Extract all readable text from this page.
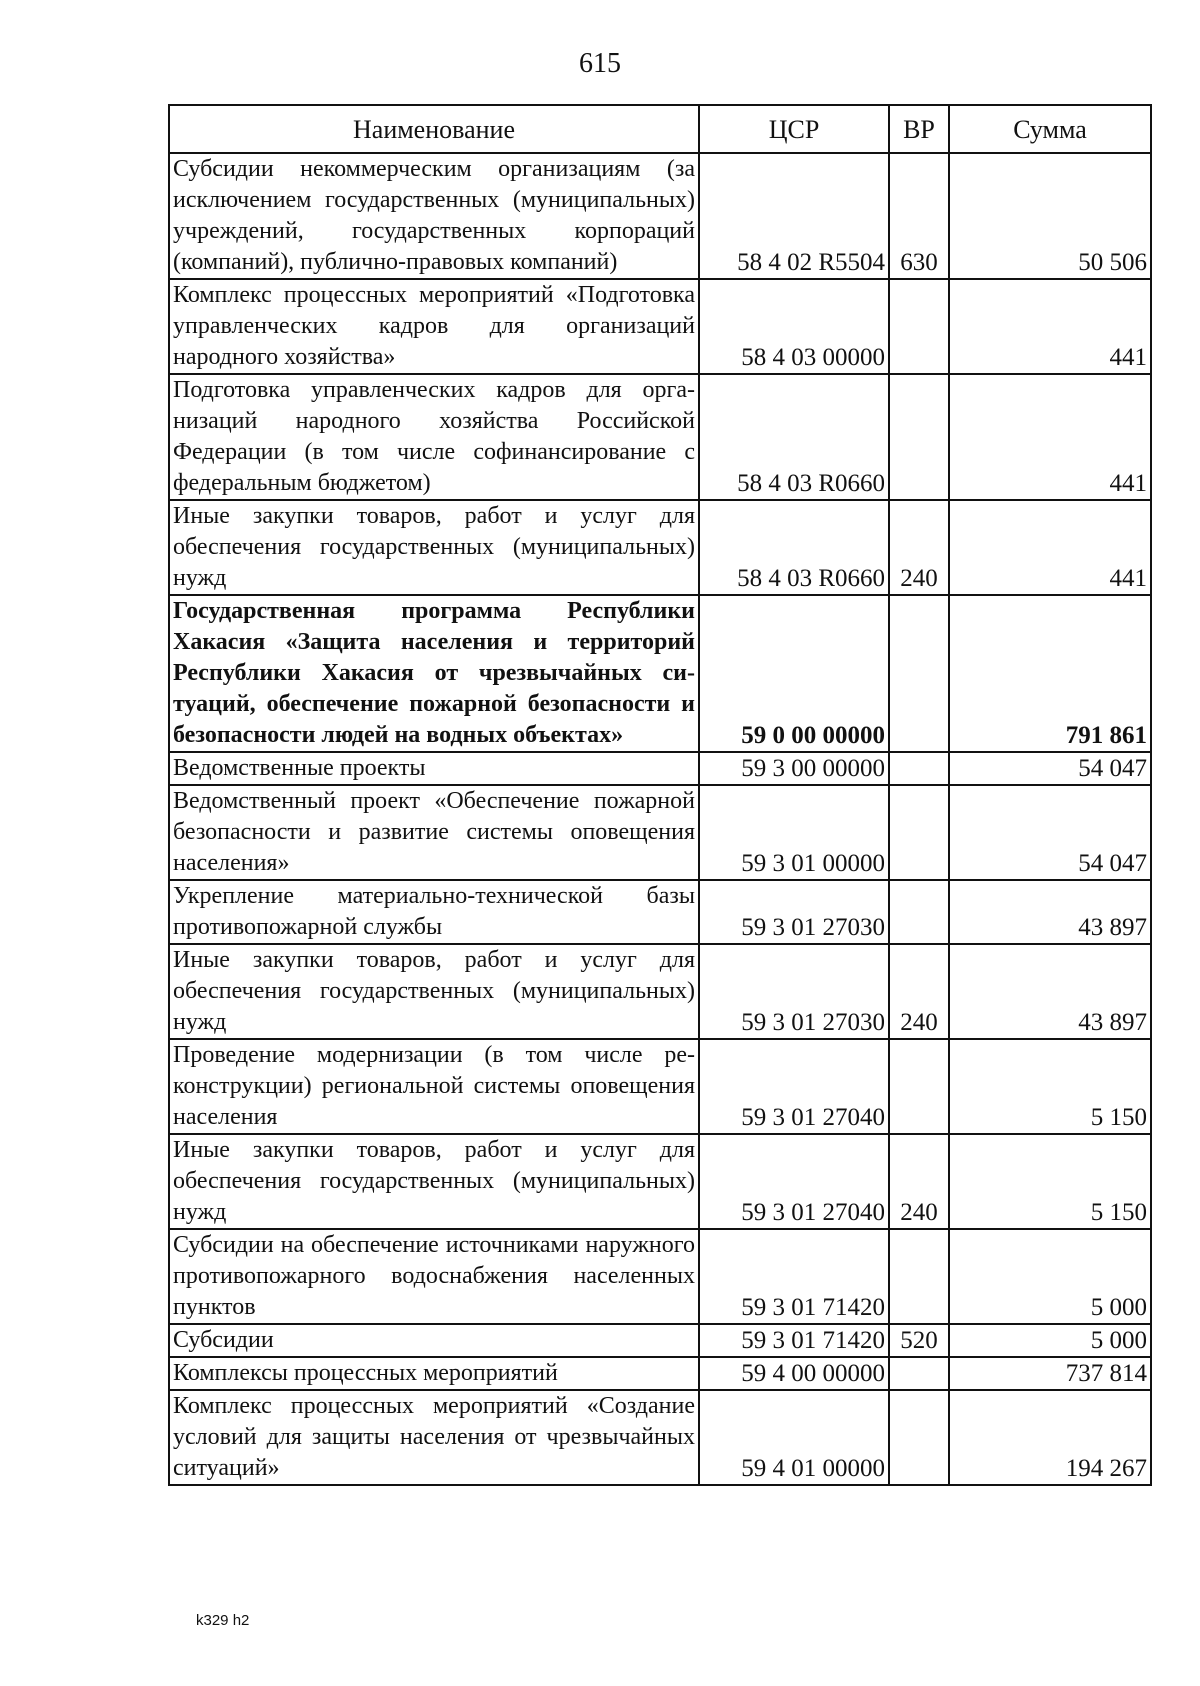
615
Наименование	ЦСР	ВР	Сумма
Субсидии некоммерческим организациям (за исключением государственных (муниципальных) учреждений, государственных корпораций (компаний), публично-правовых компаний)	58 4 02 R5504	630	50 506
Комплекс процессных мероприятий «Подготовка управленческих кадров для организаций народного хозяйства»	58 4 03 00000		441
Подготовка управленческих кадров для организаций народного хозяйства Российской Федерации (в том числе софинансирование с федеральным бюджетом)	58 4 03 R0660		441
Иные закупки товаров, работ и услуг для обеспечения государственных (муниципальных) нужд	58 4 03 R0660	240	441
Государственная программа Республики Хакасия «Защита населения и территорий Республики Хакасия от чрезвычайных ситуаций, обеспечение пожарной безопасности и безопасности людей на водных объектах»	59 0 00 00000		791 861
Ведомственные проекты	59 3 00 00000		54 047
Ведомственный проект «Обеспечение пожарной безопасности и развитие системы оповещения населения»	59 3 01 00000		54 047
Укрепление материально-технической базы противопожарной службы	59 3 01 27030		43 897
Иные закупки товаров, работ и услуг для обеспечения государственных (муниципальных) нужд	59 3 01 27030	240	43 897
Проведение модернизации (в том числе реконструкции) региональной системы оповещения населения	59 3 01 27040		5 150
Иные закупки товаров, работ и услуг для обеспечения государственных (муниципальных) нужд	59 3 01 27040	240	5 150
Субсидии на обеспечение источниками наружного противопожарного водоснабжения населенных пунктов	59 3 01 71420		5 000
Субсидии	59 3 01 71420	520	5 000
Комплексы процессных мероприятий	59 4 00 00000		737 814
Комплекс процессных мероприятий «Создание условий для защиты населения от чрезвычайных ситуаций»	59 4 01 00000		194 267
k329 h2
